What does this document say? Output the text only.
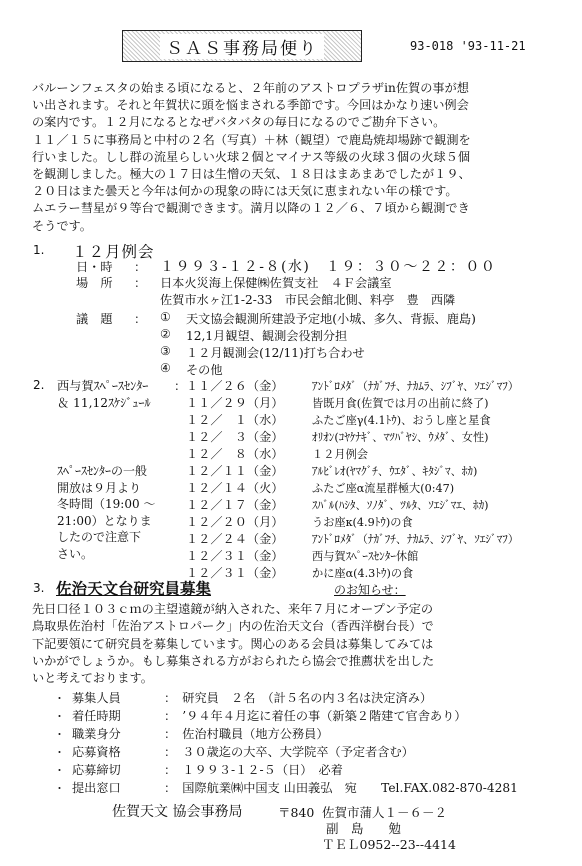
ＳＡＳ事務局便り	93-018 '93-11-21
バルーンフェスタの始まる頃になると、２年前のアストロプラザin佐賀の事が想
い出されます。それと年賀状に頭を悩まされる季節です。今回はかなり速い例会
の案内です。１２月になるとなぜバタバタの毎日になるのでご勘弁下さい。
１１／１５に事務局と中村の２名（写真）＋林（観望）で鹿島焼却場跡で観測を
行いました。しし群の流星らしい火球２個とマイナス等級の火球３個の火球５個
を観測しました。極大の１７日は生憎の天気、１８日はまあまあでしたが１９、
２０日はまた曇天と今年は何かの現象の時には天気に恵まれない年の様です。
ムエラー彗星が９等台で観測できます。満月以降の１２／６、７頃から観測でき
そうです。
1. １２月例会
日・時 ： １９９３-１２-８(水)　１９：３０～２２：００
場　所 ： 日本火災海上保健㈱佐賀支社　４Ｆ会議室
佐賀市水ヶ江1-2-33　市民会館北側、料亭　豊　西隣
議　題 ： ① 天文協会観測所建設予定地(小城、多久、背振、鹿島)
② 12,1月観望、観測会役割分担
③ １２月観測会(12/11)打ち合わせ
④ その他
2. 西与賀ｽﾍﾟｰｽｾﾝﾀｰ
＆ 11,12ｽｹｼﾞｭｰﾙ
： １１／２６（金）	ｱﾝﾄﾞﾛﾒﾀﾞ（ﾅｶﾞﾌﾁ、ﾅｶﾑﾗ、ｼﾌﾞﾔ、ｿｴｼﾞﾏﾌ）
１１／２９（月）	皆既月食(佐賀では月の出前に終了)
１２／　１（水）	ふたご座γ(4.1ﾄｳ)、おうし座と星食
１２／　３（金）	ｵﾘｵﾝ(ｺﾔｹﾅｷﾞ、ﾏﾂﾊﾞﾔｼ、ｳﾒﾀﾞ、女性)
１２／　８（水）	１２月例会
１２／１１（金）	ｱﾙﾋﾞﾚｵ(ﾔﾏｸﾞﾁ、ｳｴﾀﾞ、ｷﾀｼﾞﾏ、ﾎｶ)
１２／１４（火）	ふたご座α流星群極大(0:47)
１２／１７（金）	ｽﾊﾞﾙ(ﾊｼﾀ、ｿﾉﾀﾞ、ﾂﾙﾀ、ｿｴｼﾞﾏｴ、ﾎｶ)
１２／２０（月）	うお座κ(4.9ﾄｳ)の食
１２／２４（金）	ｱﾝﾄﾞﾛﾒﾀﾞ（ﾅｶﾞﾌﾁ、ﾅｶﾑﾗ、ｼﾌﾞﾔ、ｿｴｼﾞﾏﾌ）
１２／３１（金）	西与賀ｽﾍﾟｰｽｾﾝﾀｰ休館
１２／３１（金）	かに座α(4.3ﾄｳ)の食
ｽﾍﾟｰｽｾﾝﾀｰの一般
開放は９月より
冬時間（19:00 ～
21:00）となりま
したので注意下
さい。
3. 佐治天文台研究員募集	のお知らせ：
先日口径１０３ｃｍの主望遠鏡が納入された、来年７月にオープン予定の
鳥取県佐治村「佐治アストロパーク」内の佐治天文台（香西洋樹台長）で
下記要領にて研究員を募集しています。関心のある会員は募集してみては
いかがでしょうか。もし募集される方がおられたら協会で推薦状を出した
いと考えております。
・ 募集人員	：　研究員　２名　（計５名の内３名は決定済み）
・ 着任時期	：　’９４年４月迄に着任の事（新築２階建て官舎あり）
・ 職業身分	：　佐治村職員（地方公務員）
・ 応募資格	：　３０歳迄の大卒、大学院卒（予定者含む）
・ 応募締切	：　１９９３-１２-５（日）　必着
・ 提出窓口	：　国際航業㈱中国支 山田義弘　宛　　Tel.FAX.082-870-4281
佐賀天文 協会事務局	〒840 佐賀市蒲人１－６－２
副　島　　勉
ＴＥＬ0952--23--4414
